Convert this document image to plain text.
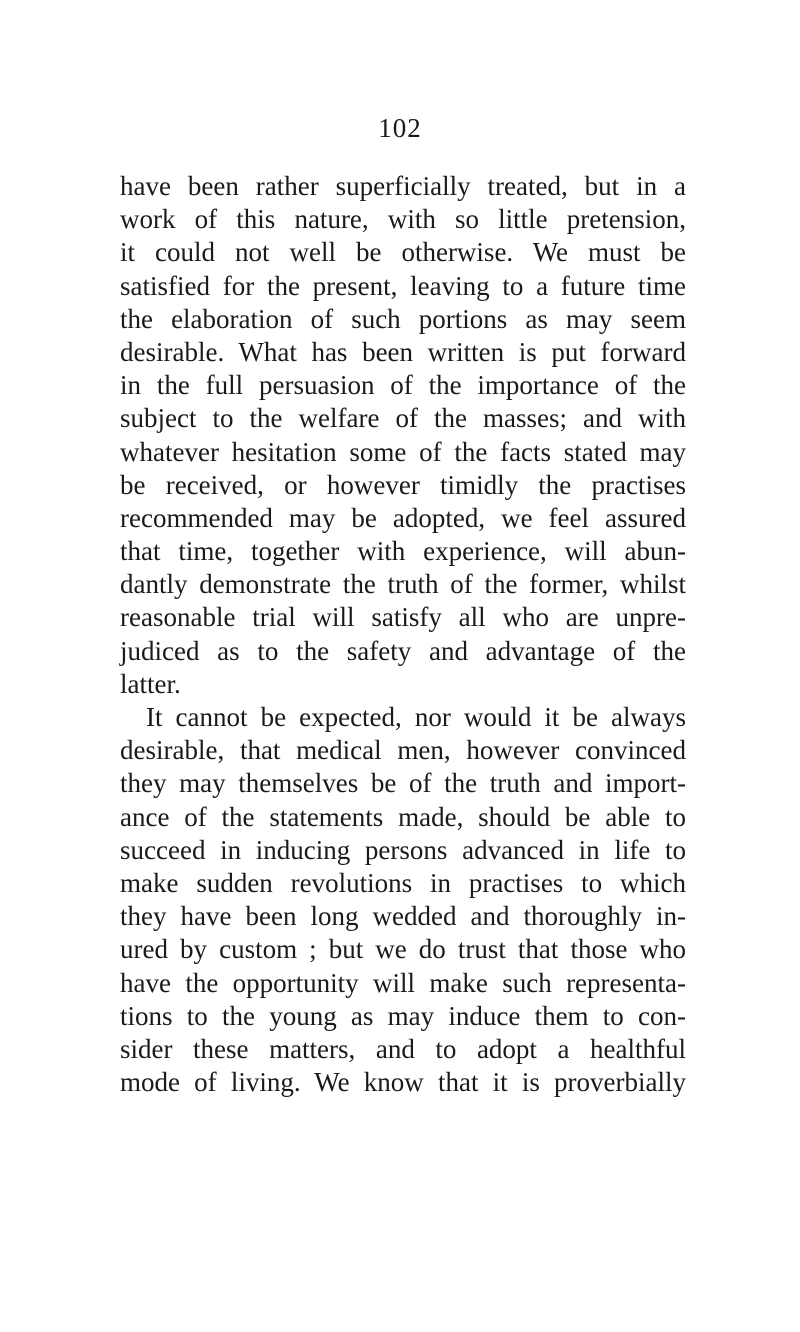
102
have been rather superficially treated, but in a
work of this nature, with so little pretension,
it could not well be otherwise. We must be
satisfied for the present, leaving to a future time
the elaboration of such portions as may seem
desirable. What has been written is put forward
in the full persuasion of the importance of the
subject to the welfare of the masses; and with
whatever hesitation some of the facts stated may
be received, or however timidly the practises
recommended may be adopted, we feel assured
that time, together with experience, will abun-
dantly demonstrate the truth of the former, whilst
reasonable trial will satisfy all who are unpre-
judiced as to the safety and advantage of the
latter.
It cannot be expected, nor would it be always
desirable, that medical men, however convinced
they may themselves be of the truth and import-
ance of the statements made, should be able to
succeed in inducing persons advanced in life to
make sudden revolutions in practises to which
they have been long wedded and thoroughly in-
ured by custom ; but we do trust that those who
have the opportunity will make such representa-
tions to the young as may induce them to con-
sider these matters, and to adopt a healthful
mode of living. We know that it is proverbially
